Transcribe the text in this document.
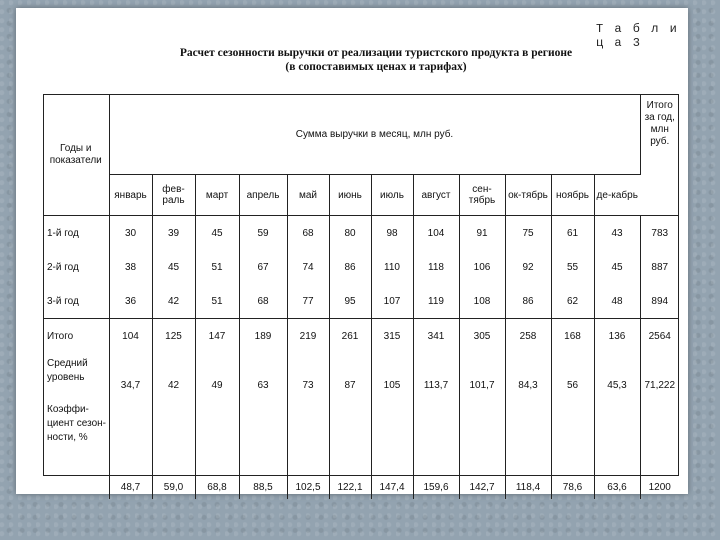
Т а б л и ц а 3
Расчет сезонности выручки от реализации туристского продукта в регионе
(в сопоставимых ценах и тарифах)
Годы и показатели	Сумма выручки в месяц, млн руб.												Итого за год, млн руб.
	январь	фев-раль	март	апрель	май	июнь	июль	август	сен-тябрь	ок-тябрь	ноябрь	де-кабрь	
1-й год	30	39	45	59	68	80	98	104	91	75	61	43	783
2-й год	38	45	51	67	74	86	110	118	106	92	55	45	887
3-й год	36	42	51	68	77	95	107	119	108	86	62	48	894
Итого	104	125	147	189	219	261	315	341	305	258	168	136	2564
Средний уровень	34,7	42	49	63	73	87	105	113,7	101,7	84,3	56	45,3	71,222
Коэффи-циент сезон-ности, %	48,7	59,0	68,8	88,5	102,5	122,1	147,4	159,6	142,7	118,4	78,6	63,6	1200
